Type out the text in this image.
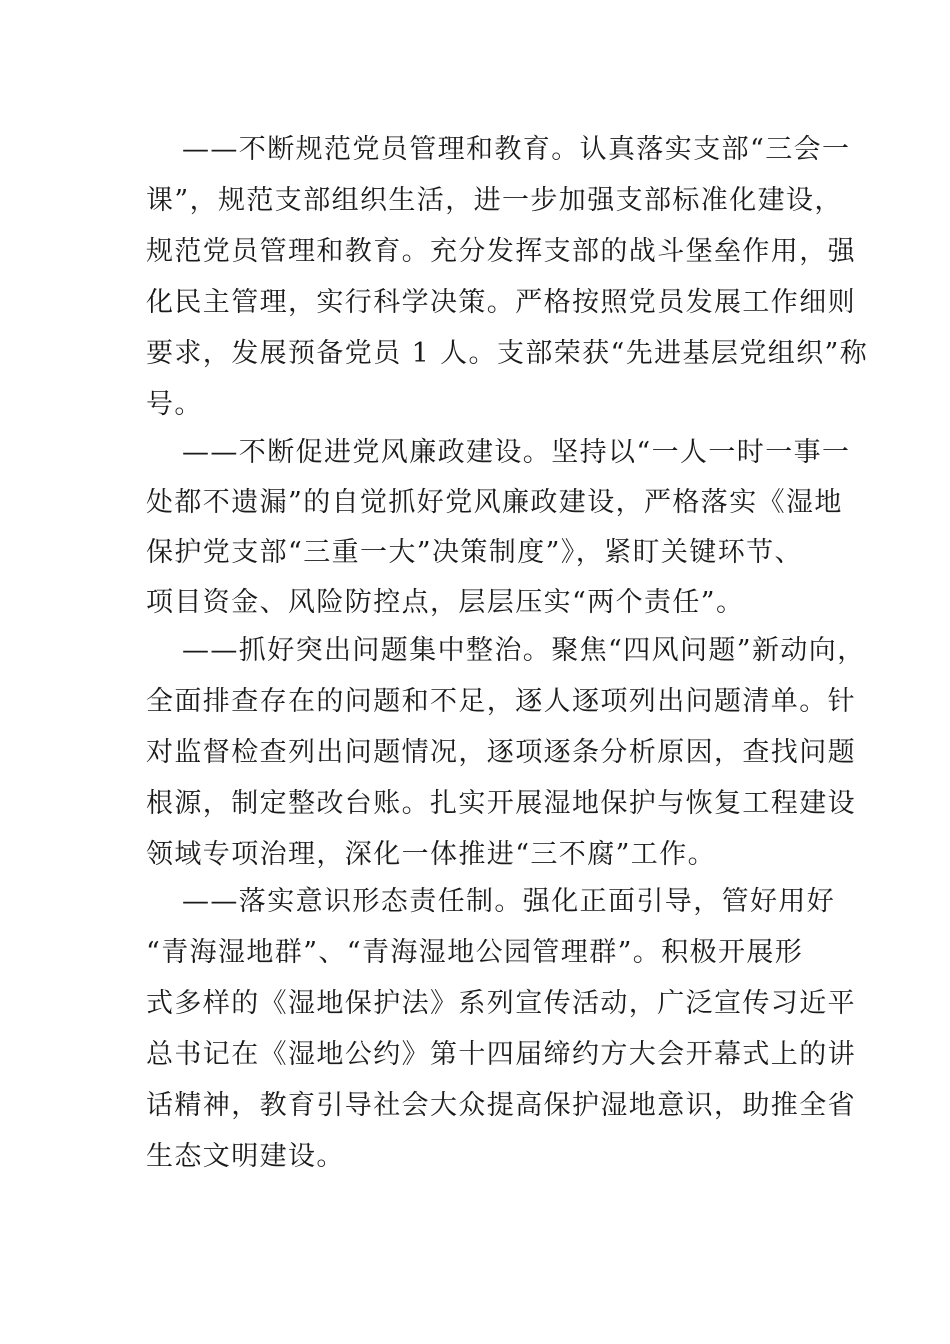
——不断规范党员管理和教育。认真落实支部“三会一
课”，规范支部组织生活，进一步加强支部标准化建设，
规范党员管理和教育。充分发挥支部的战斗堡垒作用，强
化民主管理，实行科学决策。严格按照党员发展工作细则
要求，发展预备党员 1 人。支部荣获“先进基层党组织”称
号。
——不断促进党风廉政建设。坚持以“一人一时一事一
处都不遗漏”的自觉抓好党风廉政建设，严格落实《湿地
保护党支部“三重一大”决策制度”》，紧盯关键环节、
项目资金、风险防控点，层层压实“两个责任”。
——抓好突出问题集中整治。聚焦“四风问题”新动向，
全面排查存在的问题和不足，逐人逐项列出问题清单。针
对监督检查列出问题情况，逐项逐条分析原因，查找问题
根源，制定整改台账。扎实开展湿地保护与恢复工程建设
领域专项治理，深化一体推进“三不腐”工作。
——落实意识形态责任制。强化正面引导，管好用好
“青海湿地群”、“青海湿地公园管理群”。积极开展形
式多样的《湿地保护法》系列宣传活动，广泛宣传习近平
总书记在《湿地公约》第十四届缔约方大会开幕式上的讲
话精神，教育引导社会大众提高保护湿地意识，助推全省
生态文明建设。
